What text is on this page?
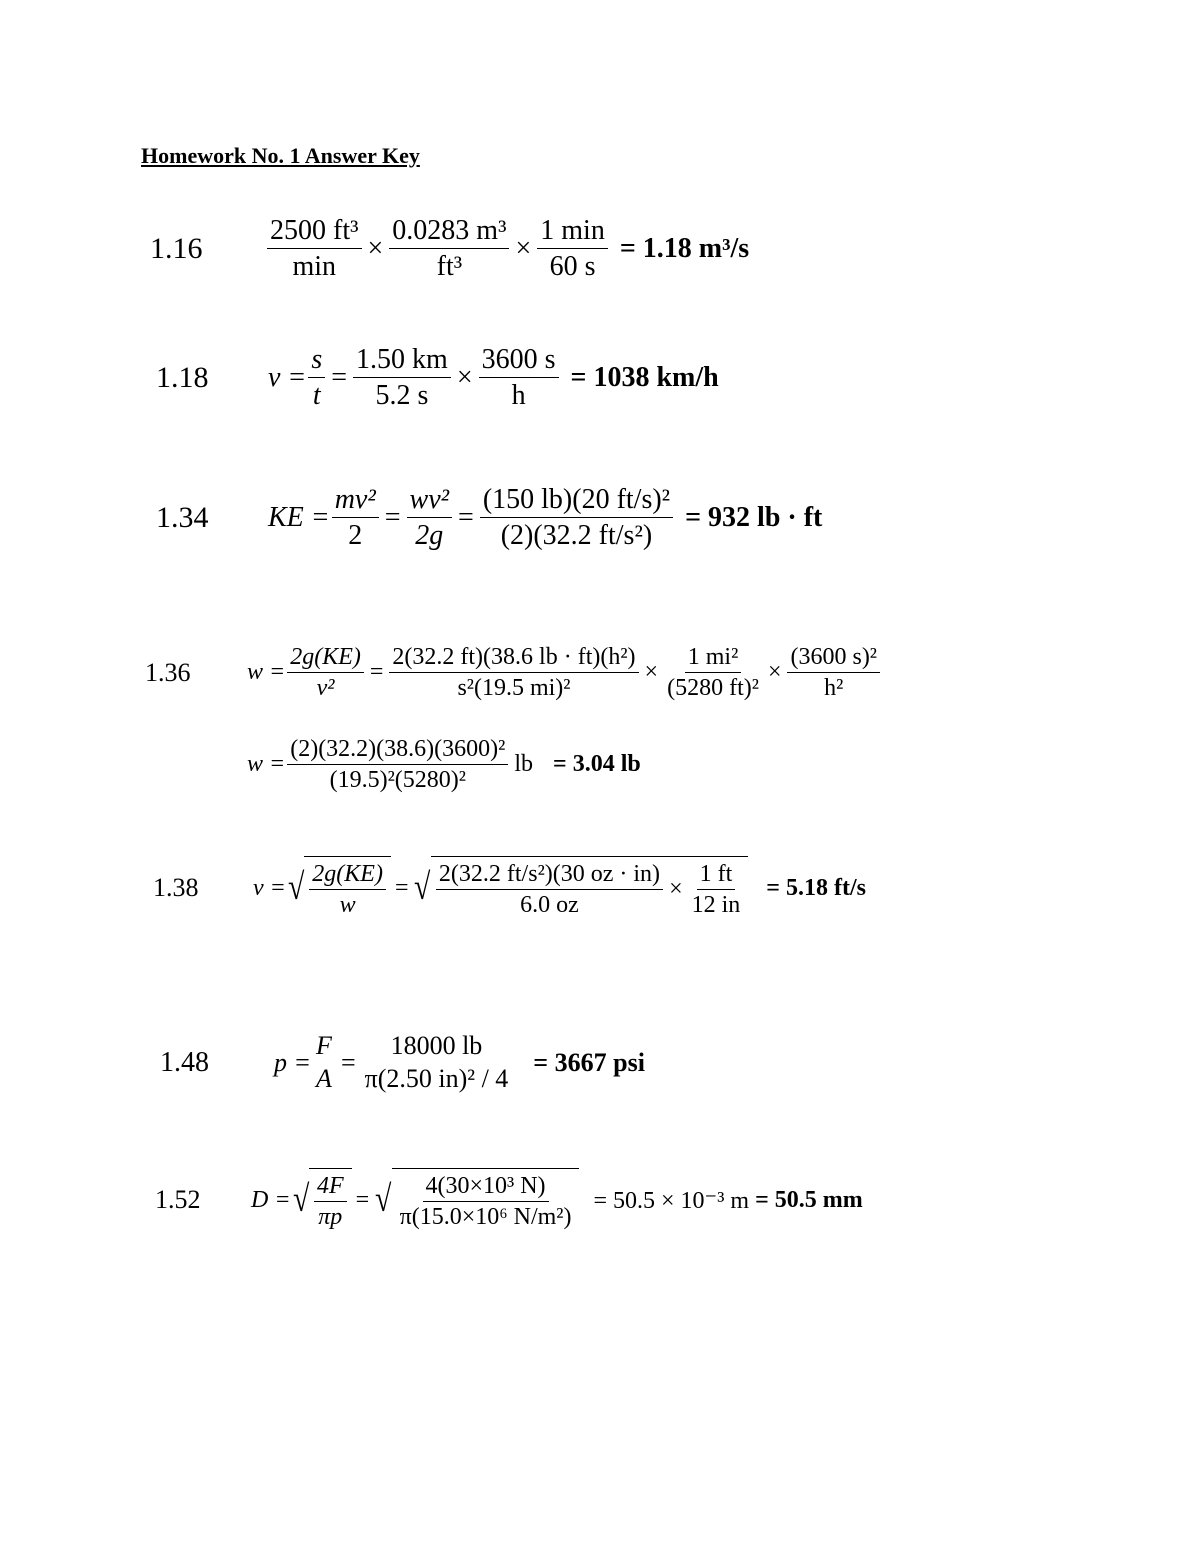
Homework No. 1 Answer Key
1.16	$\frac{\text{2500 ft³}}{\min} \times \frac{\text{0.0283 m³}}{\text{ft³}} \times \frac{1 \min}{60 s} = 1.18$ m³/s
1.18	$v = \frac{s}{t} = \frac{1.50 km}{5.2 s} \times \frac{3600 s}{h} = 1038$ km/h
1.34	KE = $\frac{\text{mv²}}{2} = \frac{\text{wv²}}{2g} = \frac{\text{(150 lb)(20 ft/s)²}}{\text{(2)(32.2 ft/s²)}} = 932$ lb · ft
1.36	$w = \frac{2g(KE)}{\text{v²}} = \frac{\text{2(32.2 ft)(38.6 lb · ft)(h²)}}{\text{s²(19.5 mi)²}} \times \frac{\text{1 mi²}}{\text{(5280 ft)²}} \times \frac{\text{(3600 s)²}}{\text{h²}}$
$w = \frac{\text{(2)(32.2)(38.6)(3600)²}}{\text{(19.5)²(5280)²}}$ lb = 3.04 lb
1.38	v = √ $\frac{2g(KE)}{w}$ = √ $\frac{\text{2(32.2 ft/s²)(30 oz · in)}}{6.0 oz} \times \frac{1 ft}{12 in} = 5.18$ ft/s
1.48	p =
F
A
=
18000 lb
π(2.50 in)² / 4
= 3667 psi
1.52	D = √ $\frac{4F}{\pi p}$ = √ $\frac{\text{4(30×10³ N)}}{\text{π(15.0×10⁶ N/m²)}} = 50.5 \times 10^{-3}$ m = 50.5 mm
